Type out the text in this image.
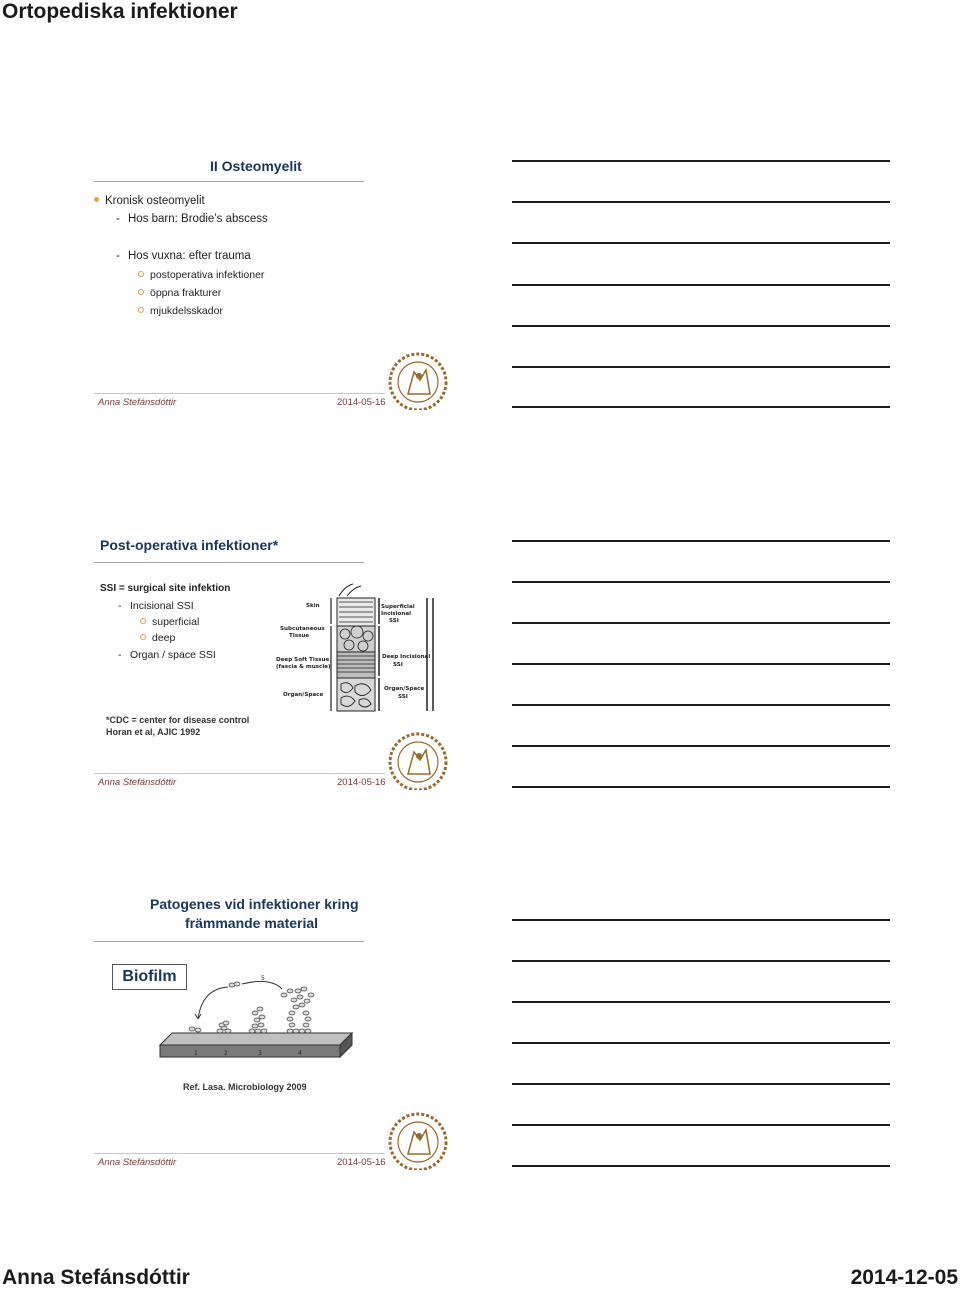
Ortopediska infektioner
II Osteomyelit
Kronisk osteomyelit
- Hos barn: Brodie’s abscess
- Hos vuxna: efter trauma
postoperativa infektioner
öppna frakturer
mjukdelsskador
Anna Stefánsdóttir	2014-05-16
Post-operativa infektioner*
SSI = surgical site infektion
- Incisional SSI
superficial
deep
- Organ / space SSI
Skin
Subcutaneous
Tissue
Deep Soft Tissue
(fascia & muscle)
Organ/Space
Superficial
Incisional
SSI
Deep Incisional
SSI
Organ/Space
SSI
*CDC = center for disease control
Horan et al, AJIC 1992
Anna Stefánsdóttir	2014-05-16
Patogenes vid infektioner kring
främmande material
Biofilm
1	2	3	4
5
Ref. Lasa. Microbiology 2009
Anna Stefánsdóttir	2014-05-16
Anna Stefánsdóttir	2014-12-05
